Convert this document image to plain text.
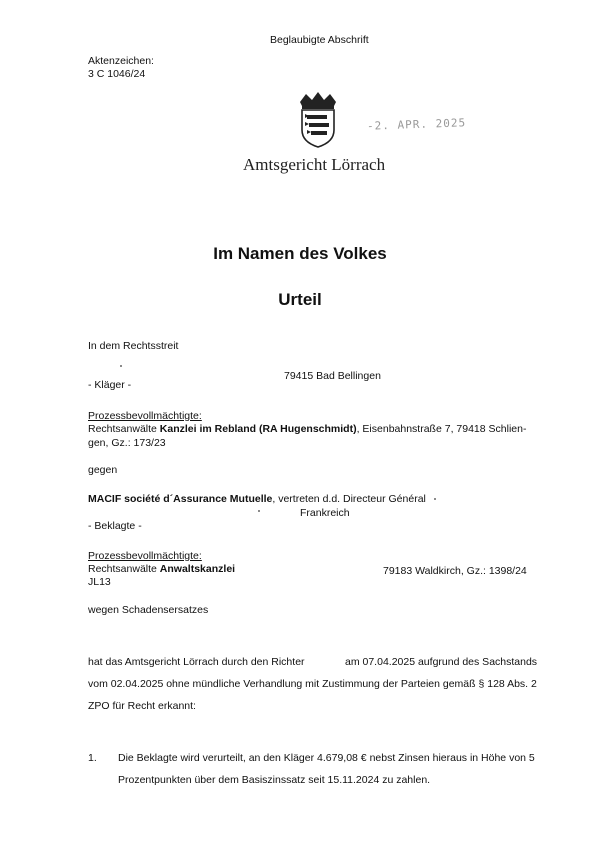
Beglaubigte Abschrift
Aktenzeichen:
3 C 1046/24
-2. APR. 2025
Amtsgericht Lörrach
Im Namen des Volkes
Urteil
In dem Rechtsstreit
79415 Bad Bellingen
- Kläger -
Prozessbevollmächtigte:
Rechtsanwälte Kanzlei im Rebland (RA Hugenschmidt), Eisenbahnstraße 7, 79418 Schlien-
gen, Gz.: 173/23
gegen
MACIF société d´Assurance Mutuelle, vertreten d.d. Directeur Général
Frankreich
- Beklagte -
Prozessbevollmächtigte:
Rechtsanwälte Anwaltskanzlei	79183 Waldkirch, Gz.: 1398/24
JL13
wegen Schadensersatzes
hat das Amtsgericht Lörrach durch den Richter	am 07.04.2025 aufgrund des Sachstands
vom 02.04.2025 ohne mündliche Verhandlung mit Zustimmung der Parteien gemäß § 128 Abs. 2
ZPO für Recht erkannt:
1. Die Beklagte wird verurteilt, an den Kläger 4.679,08 € nebst Zinsen hieraus in Höhe von 5
Prozentpunkten über dem Basiszinssatz seit 15.11.2024 zu zahlen.
